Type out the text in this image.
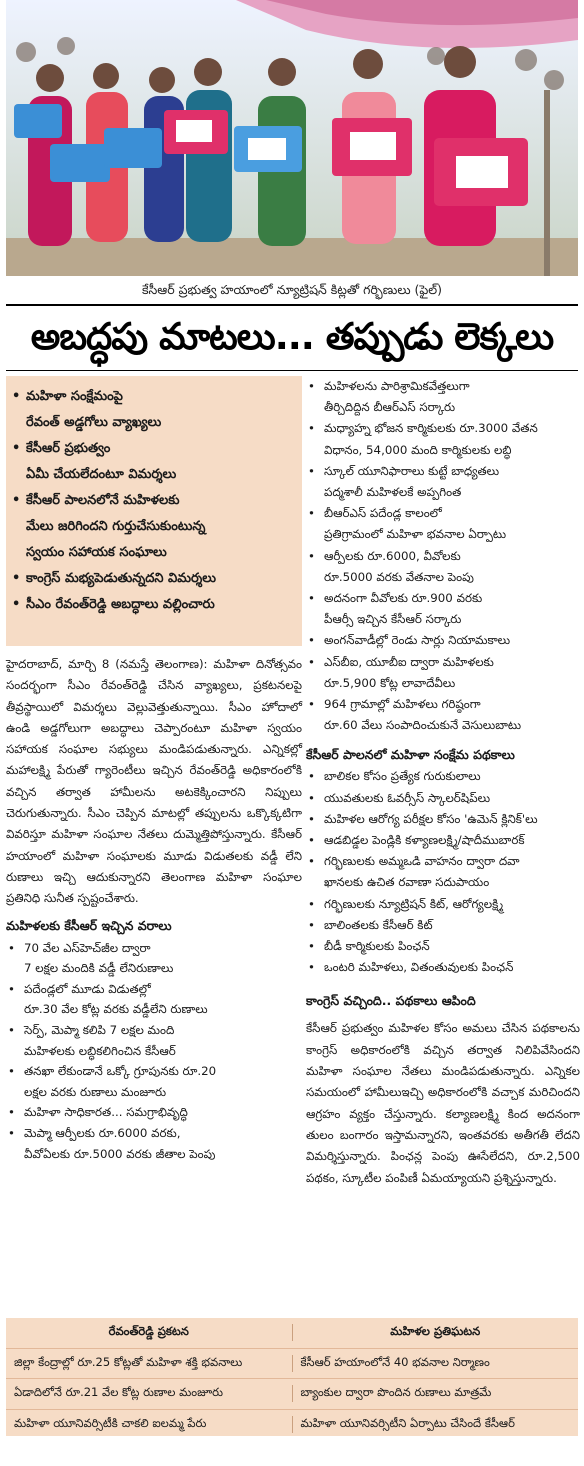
కేసీఆర్ ప్రభుత్వ హయాంలో న్యూట్రిషన్ కిట్లతో గర్భిణులు (ఫైల్)
అబద్ధపు మాటలు... తప్పుడు లెక్కలు
• మహిళా సంక్షేమంపై
రేవంత్ అడ్డగోలు వ్యాఖ్యలు
• కేసీఆర్ ప్రభుత్వం
ఏమీ చేయలేదంటూ విమర్శలు
• కేసీఆర్ పాలనలోనే మహిళలకు
మేలు జరిగిందని గుర్తుచేసుకుంటున్న
స్వయం సహాయక సంఘాలు
• కాంగ్రెస్ మభ్యపెడుతున్నదని విమర్శలు
• సీఎం రేవంత్‌రెడ్డి అబద్ధాలు వల్లించారు

హైదరాబాద్, మార్చి 8 (నమస్తే తెలంగాణ): మహిళా దినోత్సవం సందర్భంగా సీఎం రేవంత్‌రెడ్డి చేసిన వ్యాఖ్యలు, ప్రకటనలపై తీవ్రస్థాయిలో విమర్శలు వెల్లువెత్తుతున్నాయి. సీఎం హోదాలో ఉండి అడ్డగోలుగా అబద్ధాలు చెప్పారంటూ మహిళా స్వయం సహాయక సంఘాల సభ్యులు మండిపడుతున్నారు. ఎన్నికల్లో మహాలక్ష్మి పేరుతో గ్యారెంటీలు ఇచ్చిన రేవంత్‌రెడ్డి అధికారంలోకి వచ్చిన తర్వాత హామీలను అటకెక్కించారని నిప్పులు చెరుగుతున్నారు. సీఎం చెప్పిన మాటల్లో తప్పులను ఒక్కొక్కటిగా వివరిస్తూ మహిళా సంఘాల నేతలు దుమ్మెత్తిపోస్తున్నారు. కేసీఆర్ హయాంలో మహిళా సంఘాలకు మూడు విడుతలకు వడ్డీ లేని రుణాలు ఇచ్చి ఆదుకున్నారని తెలంగాణ మహిళా సంఘాల ప్రతినిధి సునీత స్పష్టంచేశారు.

మహిళలకు కేసీఆర్ ఇచ్చిన వరాలు
• 70 వేల ఎస్‌హెచ్‌జీల ద్వారా
7 లక్షల మందికి వడ్డీ లేనిరుణాలు
• పదేండ్లలో మూడు విడుతల్లో
రూ.30 వేల కోట్ల వరకు వడ్డీలేని రుణాలు
• సెర్ప్, మెప్మా కలిపి 7 లక్షల మంది
మహిళలకు లబ్ధికలిగించిన కేసీఆర్
• తనఖా లేకుండానే ఒక్కో గ్రూపునకు రూ.20
లక్షల వరకు రుణాలు మంజూరు
• మహిళా సాధికారత... సమగ్రాభివృద్ధి
• మెప్మా ఆర్పీలకు రూ.6000 వరకు,
వీవోఏలకు రూ.5000 వరకు జీతాల పెంపు
• మహిళలను పారిశ్రామికవేత్తలుగా
తీర్చిదిద్దిన బీఆర్‌ఎస్ సర్కారు
• మధ్యాహ్న భోజన కార్మికులకు రూ.3000 వేతన
విధానం, 54,000 మంది కార్మికులకు లబ్ధి
• స్కూల్ యూనిఫారాలు కుట్టే బాధ్యతలు
పద్మశాలీ మహిళలకే అప్పగింత
• బీఆర్‌ఎస్ పదేండ్ల కాలంలో
ప్రతిగ్రామంలో మహిళా భవనాల ఏర్పాటు
• ఆర్పీలకు రూ.6000, వీవోలకు
రూ.5000 వరకు వేతనాల పెంపు
• అదనంగా వీవోలకు రూ.900 వరకు
పీఆర్సీ ఇచ్చిన కేసీఆర్ సర్కారు
• అంగన్‌వాడీల్లో రెండు సార్లు నియామకాలు
• ఎస్‌బీఐ, యూబీఐ ద్వారా మహిళలకు
రూ.5,900 కోట్ల లావాదేవీలు
• 964 గ్రామాల్లో మహిళలు గరిష్ఠంగా
రూ.60 వేలు సంపాదించుకునే వెసులుబాటు
కేసీఆర్ పాలనలో మహిళా సంక్షేమ పథకాలు
• బాలికల కోసం ప్రత్యేక గురుకులాలు
• యువతులకు ఓవర్సీస్ స్కాలర్‌షిప్‌లు
• మహిళల ఆరోగ్య పరీక్షల కోసం 'ఉమెన్ క్లినిక్'లు
• ఆడబిడ్డల పెండ్లికి కళ్యాణలక్ష్మి/షాదీముబారక్
• గర్భిణులకు అమ్మఒడి వాహనం ద్వారా దవా
ఖానలకు ఉచిత రవాణా సదుపాయం
• గర్భిణులకు న్యూట్రిషన్ కిట్, ఆరోగ్యలక్ష్మి
• బాలింతలకు కేసీఆర్ కిట్
• బీడీ కార్మికులకు పింఛన్
• ఒంటరి మహిళలు, వితంతువులకు పింఛన్
కాంగ్రెస్ వచ్చింది.. పథకాలు ఆపింది

కేసీఆర్ ప్రభుత్వం మహిళల కోసం అమలు చేసిన పథకాలను కాంగ్రెస్ అధికారంలోకి వచ్చిన తర్వాత నిలిపివేసిందని మహిళా సంఘాల నేతలు మండిపడుతున్నారు. ఎన్నికల సమయంలో హామీలుఇచ్చి అధికారంలోకి వచ్చాక మరిచిందని ఆగ్రహం వ్యక్తం చేస్తున్నారు. కల్యాణలక్ష్మి కింద అదనంగా తులం బంగారం ఇస్తామన్నారని, ఇంతవరకు అతీగతీ లేదని విమర్శిస్తున్నారు. పింఛన్ల పెంపు ఊసేలేదని, రూ.2,500 పథకం, స్కూటీల పంపిణీ ఏమయ్యాయని ప్రశ్నిస్తున్నారు.

రేవంత్‌రెడ్డి ప్రకటన	మహిళల ప్రతిఘటన
జిల్లా కేంద్రాల్లో రూ.25 కోట్లతో మహిళా శక్తి భవనాలు	కేసీఆర్ హయాంలోనే 40 భవనాల నిర్మాణం
ఏడాదిలోనే రూ.21 వేల కోట్ల రుణాల మంజూరు	బ్యాంకుల ద్వారా పొందిన రుణాలు మాత్రమే
మహిళా యూనివర్సిటీకి చాకలి ఐలమ్మ పేరు	మహిళా యూనివర్సిటీని ఏర్పాటు చేసిందే కేసీఆర్
